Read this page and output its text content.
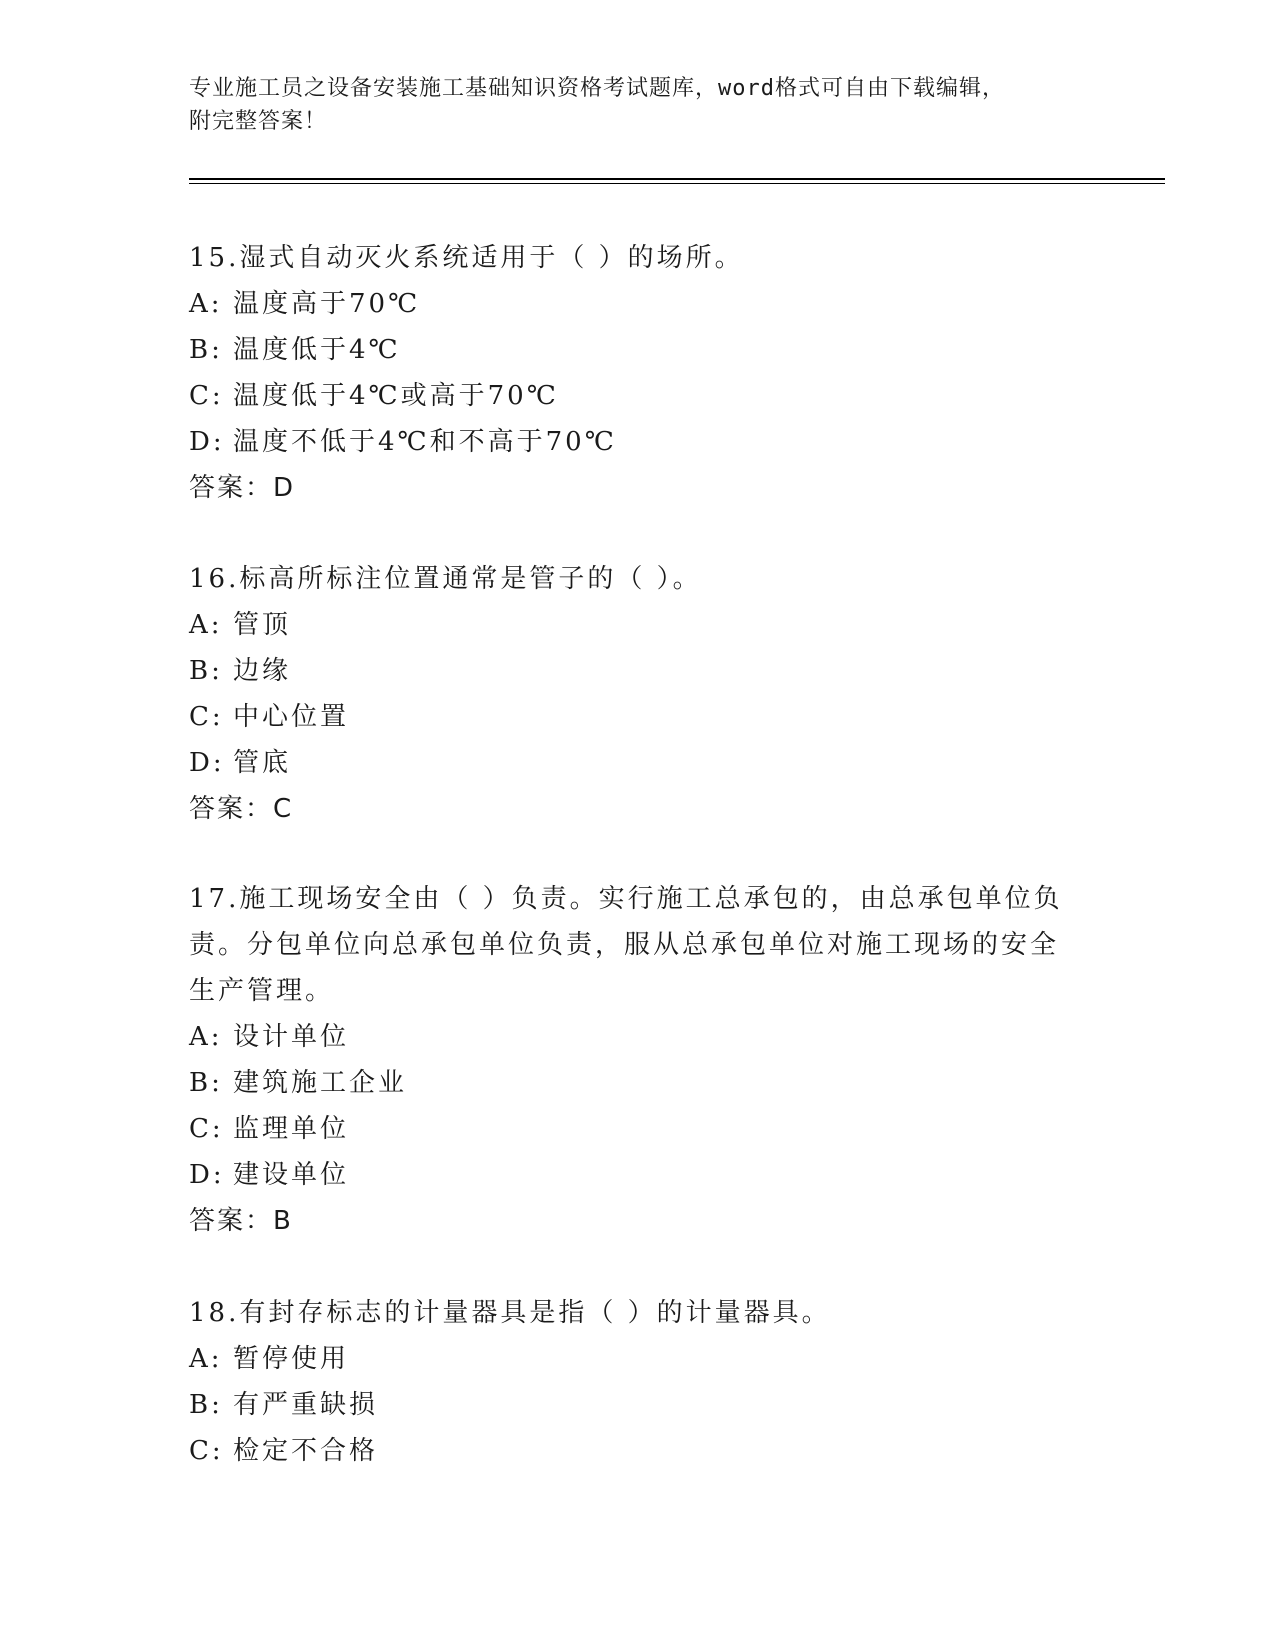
专业施工员之设备安装施工基础知识资格考试题库，word格式可自由下载编辑，
附完整答案！
15.湿式自动灭火系统适用于（ ）的场所。
A: 温度高于70℃
B: 温度低于4℃
C: 温度低于4℃或高于70℃
D: 温度不低于4℃和不高于70℃
答案：D
16.标高所标注位置通常是管子的（ ）。
A: 管顶
B: 边缘
C: 中心位置
D: 管底
答案：C
17.施工现场安全由（ ）负责。实行施工总承包的，由总承包单位负
责。分包单位向总承包单位负责，服从总承包单位对施工现场的安全
生产管理。
A: 设计单位
B: 建筑施工企业
C: 监理单位
D: 建设单位
答案：B
18.有封存标志的计量器具是指（ ）的计量器具。
A: 暂停使用
B: 有严重缺损
C: 检定不合格
